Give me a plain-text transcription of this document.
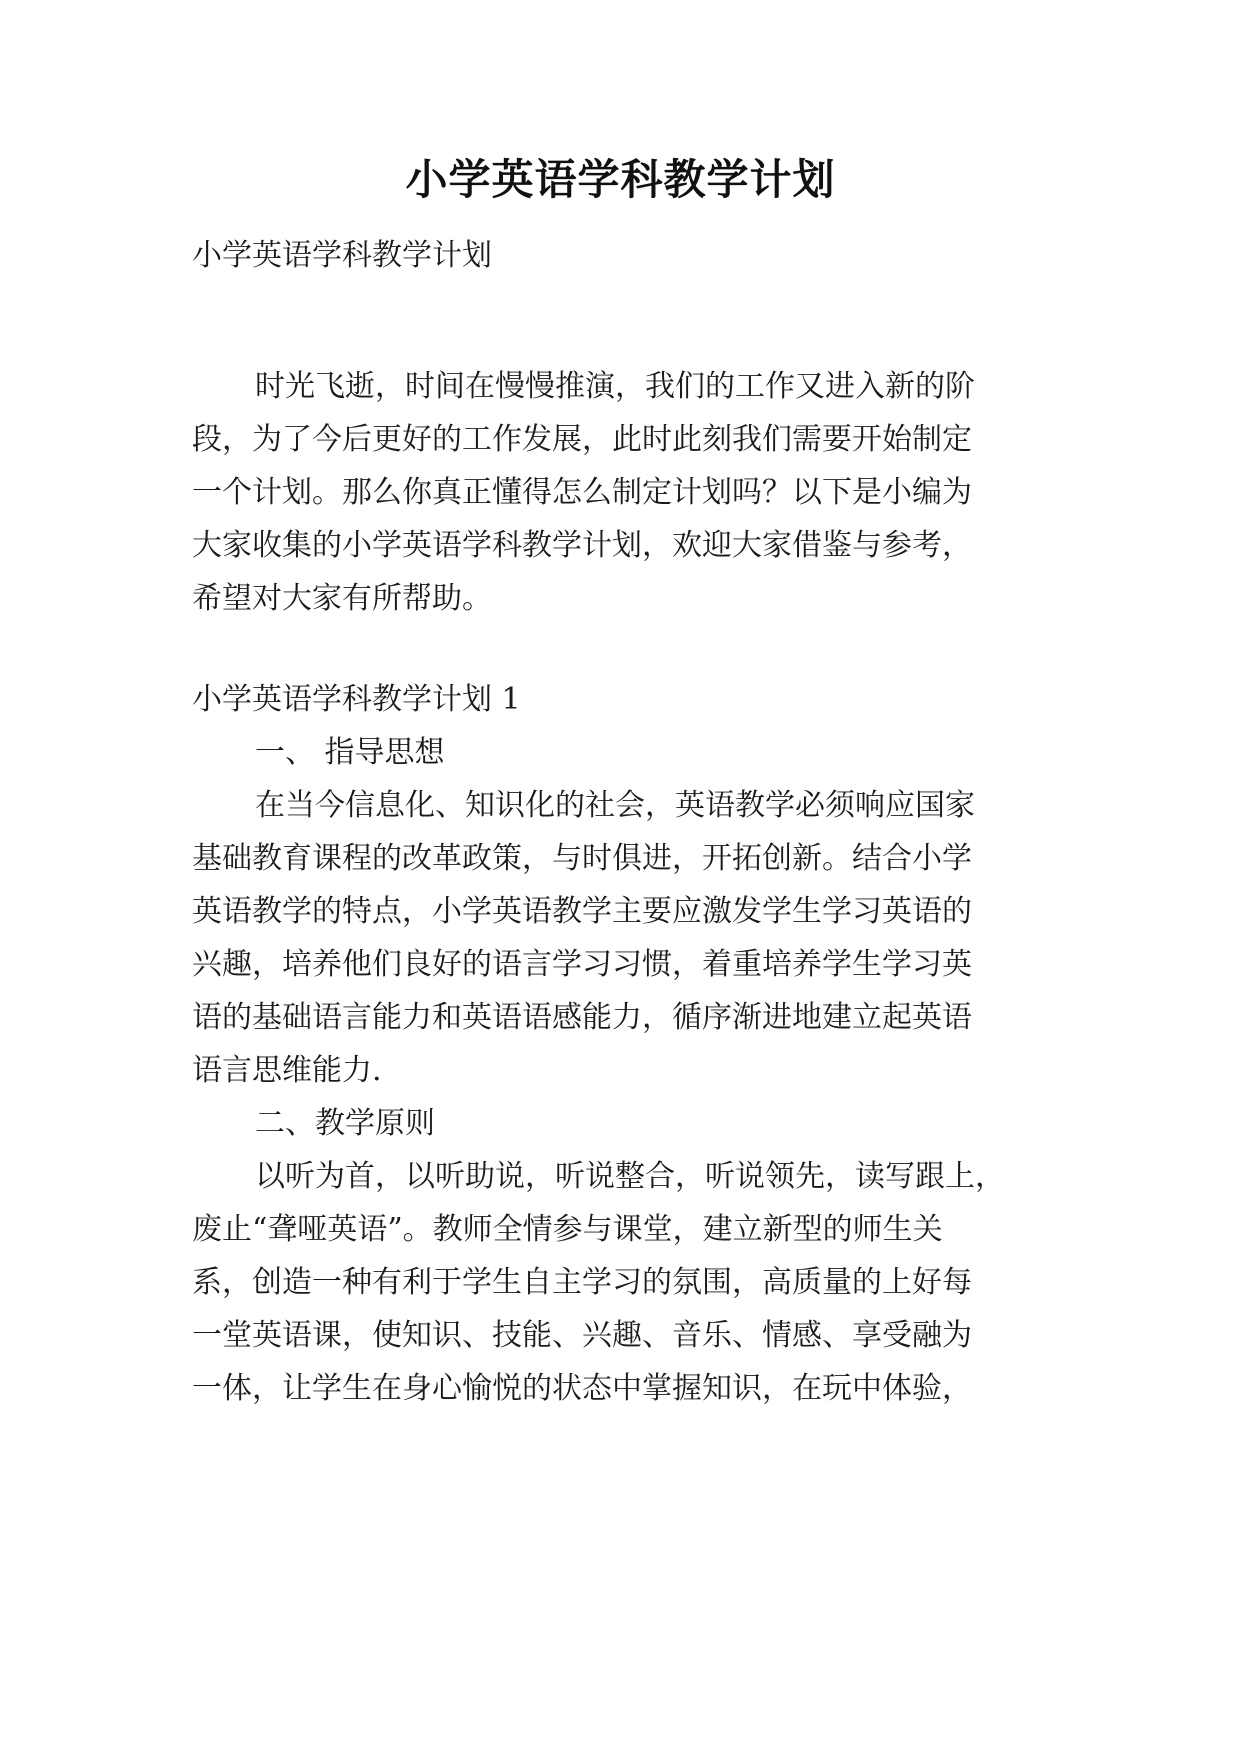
小学英语学科教学计划
小学英语学科教学计划
时光飞逝，时间在慢慢推演，我们的工作又进入新的阶
段，为了今后更好的工作发展，此时此刻我们需要开始制定
一个计划。那么你真正懂得怎么制定计划吗？以下是小编为
大家收集的小学英语学科教学计划，欢迎大家借鉴与参考，
希望对大家有所帮助。
小学英语学科教学计划 1
一、 指导思想
在当今信息化、知识化的社会，英语教学必须响应国家
基础教育课程的改革政策，与时俱进，开拓创新。结合小学
英语教学的特点，小学英语教学主要应激发学生学习英语的
兴趣，培养他们良好的语言学习习惯，着重培养学生学习英
语的基础语言能力和英语语感能力，循序渐进地建立起英语
语言思维能力.
二、教学原则
以听为首，以听助说，听说整合，听说领先，读写跟上，
废止“聋哑英语”。教师全情参与课堂，建立新型的师生关
系，创造一种有利于学生自主学习的氛围，高质量的上好每
一堂英语课，使知识、技能、兴趣、音乐、情感、享受融为
一体，让学生在身心愉悦的状态中掌握知识，在玩中体验，
